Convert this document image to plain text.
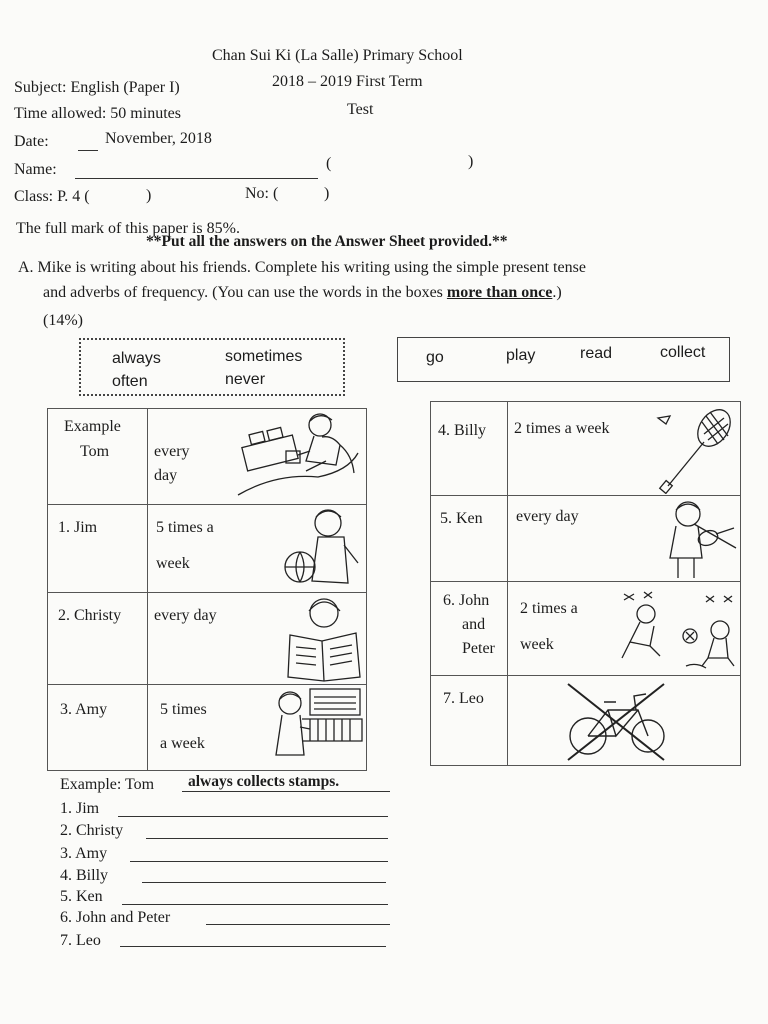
Chan Sui Ki (La Salle) Primary School
Subject: English (Paper I)	2018 – 2019 First Term
Test
Time allowed: 50 minutes
Date:	November, 2018
Name:	(	)
Class: P. 4 (	)	No: (	)
The full mark of this paper is 85%.
**Put all the answers on the Answer Sheet provided.**
A. Mike is writing about his friends. Complete his writing using the simple present tense
and adverbs of frequency. (You can use the words in the boxes more than once.)
(14%)
always	sometimes
often	never
go	play	read	collect
Example
Tom	every
day

1. Jim	5 times a
week

2. Christy	every day

3. Amy	5 times
a week
4. Billy	2 times a week

5. Ken	every day

6. John
and
Peter	2 times a
week

7. Leo

Example: Tom always collects stamps.
1. Jim
2. Christy
3. Amy
4. Billy
5. Ken
6. John and Peter
7. Leo
